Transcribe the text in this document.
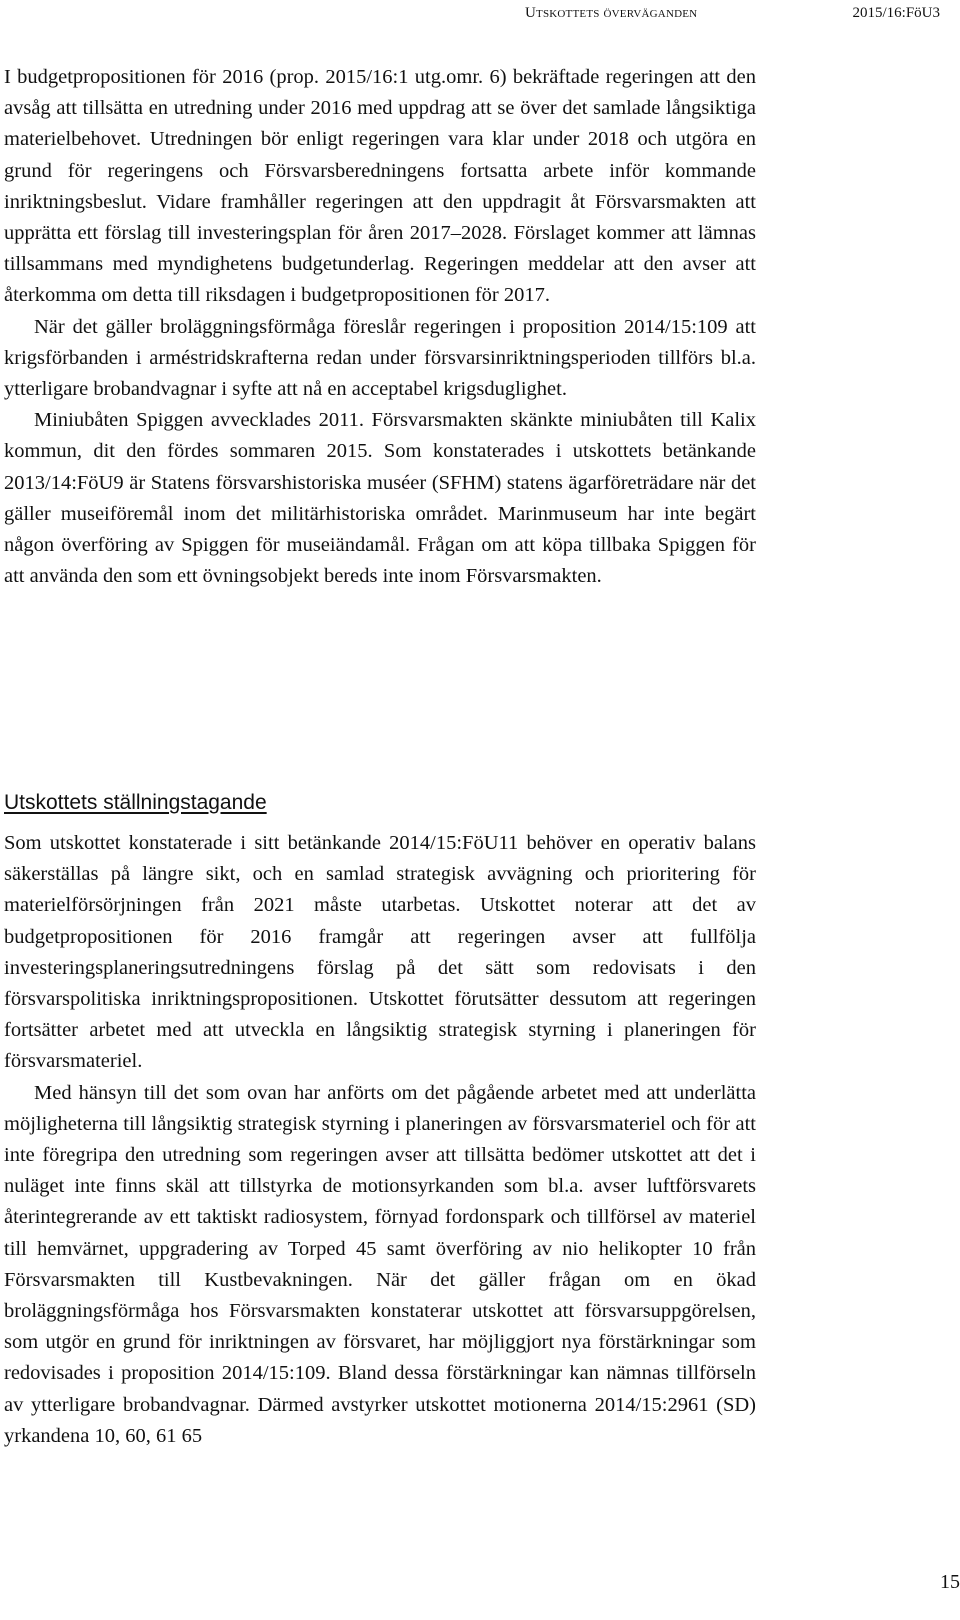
Utskottets överväganden	2015/16:FöU3

I budgetpropositionen för 2016 (prop. 2015/16:1 utg.omr. 6) bekräftade regeringen att den avsåg att tillsätta en utredning under 2016 med uppdrag att se över det samlade långsiktiga materielbehovet. Utredningen bör enligt regeringen vara klar under 2018 och utgöra en grund för regeringens och Försvarsberedningens fortsatta arbete inför kommande inriktningsbeslut. Vidare framhåller regeringen att den uppdragit åt Försvarsmakten att upprätta ett förslag till investeringsplan för åren 2017–2028. Förslaget kommer att lämnas tillsammans med myndighetens budgetunderlag. Regeringen meddelar att den avser att återkomma om detta till riksdagen i budgetpropositionen för 2017.

När det gäller broläggningsförmåga föreslår regeringen i proposition 2014/15:109 att krigsförbanden i arméstridskrafterna redan under försvarsinriktningsperioden tillförs bl.a. ytterligare brobandvagnar i syfte att nå en acceptabel krigsduglighet.

Miniubåten Spiggen avvecklades 2011. Försvarsmakten skänkte miniubåten till Kalix kommun, dit den fördes sommaren 2015. Som konstaterades i utskottets betänkande 2013/14:FöU9 är Statens försvarshistoriska muséer (SFHM) statens ägarföreträdare när det gäller museiföremål inom det militärhistoriska området. Marinmuseum har inte begärt någon överföring av Spiggen för museiändamål. Frågan om att köpa tillbaka Spiggen för att använda den som ett övningsobjekt bereds inte inom Försvarsmakten.

Utskottets ställningstagande

Som utskottet konstaterade i sitt betänkande 2014/15:FöU11 behöver en operativ balans säkerställas på längre sikt, och en samlad strategisk avvägning och prioritering för materielförsörjningen från 2021 måste utarbetas. Utskottet noterar att det av budgetpropositionen för 2016 framgår att regeringen avser att fullfölja investeringsplaneringsutredningens förslag på det sätt som redovisats i den försvarspolitiska inriktningspropositionen. Utskottet förutsätter dessutom att regeringen fortsätter arbetet med att utveckla en långsiktig strategisk styrning i planeringen för försvarsmateriel.

Med hänsyn till det som ovan har anförts om det pågående arbetet med att underlätta möjligheterna till långsiktig strategisk styrning i planeringen av försvarsmateriel och för att inte föregripa den utredning som regeringen avser att tillsätta bedömer utskottet att det i nuläget inte finns skäl att tillstyrka de motionsyrkanden som bl.a. avser luftförsvarets återintegrerande av ett taktiskt radiosystem, förnyad fordonspark och tillförsel av materiel till hemvärnet, uppgradering av Torped 45 samt överföring av nio helikopter 10 från Försvarsmakten till Kustbevakningen. När det gäller frågan om en ökad broläggningsförmåga hos Försvarsmakten konstaterar utskottet att försvarsuppgörelsen, som utgör en grund för inriktningen av försvaret, har möjliggjort nya förstärkningar som redovisades i proposition 2014/15:109. Bland dessa förstärkningar kan nämnas tillförseln av ytterligare brobandvagnar. Därmed avstyrker utskottet motionerna 2014/15:2961 (SD) yrkandena 10, 60, 61 65

15
